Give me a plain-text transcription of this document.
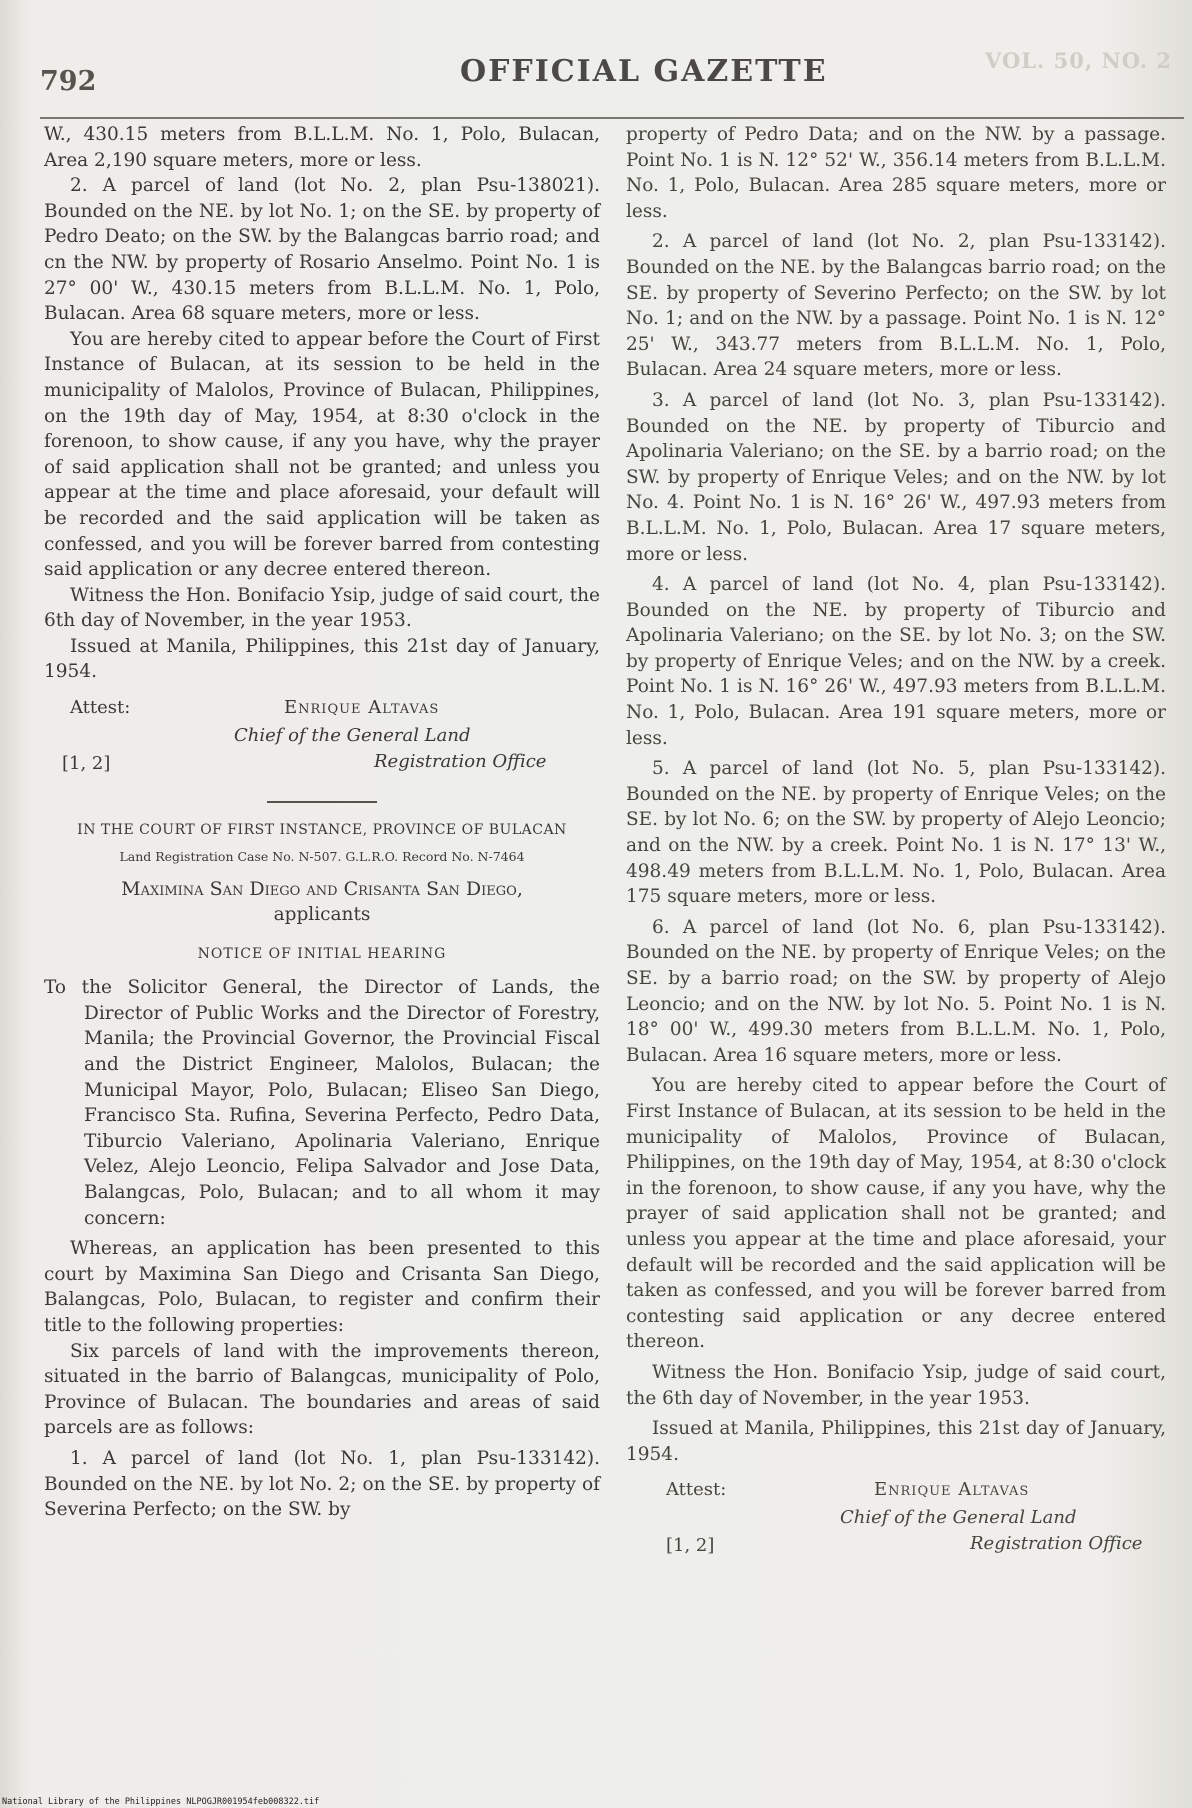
792	OFFICIAL GAZETTE	VOL. 50, NO. 2

W., 430.15 meters from B.L.L.M. No. 1, Polo, Bulacan, Area 2,190 square meters, more or less.

2. A parcel of land (lot No. 2, plan Psu-138021). Bounded on the NE. by lot No. 1; on the SE. by property of Pedro Deato; on the SW. by the Balangcas barrio road; and cn the NW. by property of Rosario Anselmo. Point No. 1 is 27° 00' W., 430.15 meters from B.L.L.M. No. 1, Polo, Bulacan. Area 68 square meters, more or less.

You are hereby cited to appear before the Court of First Instance of Bulacan, at its session to be held in the municipality of Malolos, Province of Bulacan, Philippines, on the 19th day of May, 1954, at 8:30 o'clock in the forenoon, to show cause, if any you have, why the prayer of said application shall not be granted; and unless you appear at the time and place aforesaid, your default will be recorded and the said application will be taken as confessed, and you will be forever barred from contesting said application or any decree entered thereon.

Witness the Hon. Bonifacio Ysip, judge of said court, the 6th day of November, in the year 1953.

Issued at Manila, Philippines, this 21st day of January, 1954.

Attest:	Enrique Altavas
Chief of the General Land
[1, 2]	Registration Office

IN THE COURT OF FIRST INSTANCE, PROVINCE OF BULACAN

Land Registration Case No. N-507. G.L.R.O. Record No. N-7464

Maximina San Diego and Crisanta San Diego,

applicants

NOTICE OF INITIAL HEARING

To the Solicitor General, the Director of Lands, the Director of Public Works and the Director of Forestry, Manila; the Provincial Governor, the Provincial Fiscal and the District Engineer, Malolos, Bulacan; the Municipal Mayor, Polo, Bulacan; Eliseo San Diego, Francisco Sta. Rufina, Severina Perfecto, Pedro Data, Tiburcio Valeriano, Apolinaria Valeriano, Enrique Velez, Alejo Leoncio, Felipa Salvador and Jose Data, Balangcas, Polo, Bulacan; and to all whom it may concern:

Whereas, an application has been presented to this court by Maximina San Diego and Crisanta San Diego, Balangcas, Polo, Bulacan, to register and confirm their title to the following properties:

Six parcels of land with the improvements thereon, situated in the barrio of Balangcas, municipality of Polo, Province of Bulacan. The boundaries and areas of said parcels are as follows:

1. A parcel of land (lot No. 1, plan Psu-133142). Bounded on the NE. by lot No. 2; on the SE. by property of Severina Perfecto; on the SW. by

property of Pedro Data; and on the NW. by a passage. Point No. 1 is N. 12° 52' W., 356.14 meters from B.L.L.M. No. 1, Polo, Bulacan. Area 285 square meters, more or less.

2. A parcel of land (lot No. 2, plan Psu-133142). Bounded on the NE. by the Balangcas barrio road; on the SE. by property of Severino Perfecto; on the SW. by lot No. 1; and on the NW. by a passage. Point No. 1 is N. 12° 25' W., 343.77 meters from B.L.L.M. No. 1, Polo, Bulacan. Area 24 square meters, more or less.

3. A parcel of land (lot No. 3, plan Psu-133142). Bounded on the NE. by property of Tiburcio and Apolinaria Valeriano; on the SE. by a barrio road; on the SW. by property of Enrique Veles; and on the NW. by lot No. 4. Point No. 1 is N. 16° 26' W., 497.93 meters from B.L.L.M. No. 1, Polo, Bulacan. Area 17 square meters, more or less.

4. A parcel of land (lot No. 4, plan Psu-133142). Bounded on the NE. by property of Tiburcio and Apolinaria Valeriano; on the SE. by lot No. 3; on the SW. by property of Enrique Veles; and on the NW. by a creek. Point No. 1 is N. 16° 26' W., 497.93 meters from B.L.L.M. No. 1, Polo, Bulacan. Area 191 square meters, more or less.

5. A parcel of land (lot No. 5, plan Psu-133142). Bounded on the NE. by property of Enrique Veles; on the SE. by lot No. 6; on the SW. by property of Alejo Leoncio; and on the NW. by a creek. Point No. 1 is N. 17° 13' W., 498.49 meters from B.L.L.M. No. 1, Polo, Bulacan. Area 175 square meters, more or less.

6. A parcel of land (lot No. 6, plan Psu-133142). Bounded on the NE. by property of Enrique Veles; on the SE. by a barrio road; on the SW. by property of Alejo Leoncio; and on the NW. by lot No. 5. Point No. 1 is N. 18° 00' W., 499.30 meters from B.L.L.M. No. 1, Polo, Bulacan. Area 16 square meters, more or less.

You are hereby cited to appear before the Court of First Instance of Bulacan, at its session to be held in the municipality of Malolos, Province of Bulacan, Philippines, on the 19th day of May, 1954, at 8:30 o'clock in the forenoon, to show cause, if any you have, why the prayer of said application shall not be granted; and unless you appear at the time and place aforesaid, your default will be recorded and the said application will be taken as confessed, and you will be forever barred from contesting said application or any decree entered thereon.

Witness the Hon. Bonifacio Ysip, judge of said court, the 6th day of November, in the year 1953.

Issued at Manila, Philippines, this 21st day of January, 1954.

Attest:	Enrique Altavas
Chief of the General Land
[1, 2]	Registration Office
National Library of the Philippines NLPOGJR001954feb008322.tif
